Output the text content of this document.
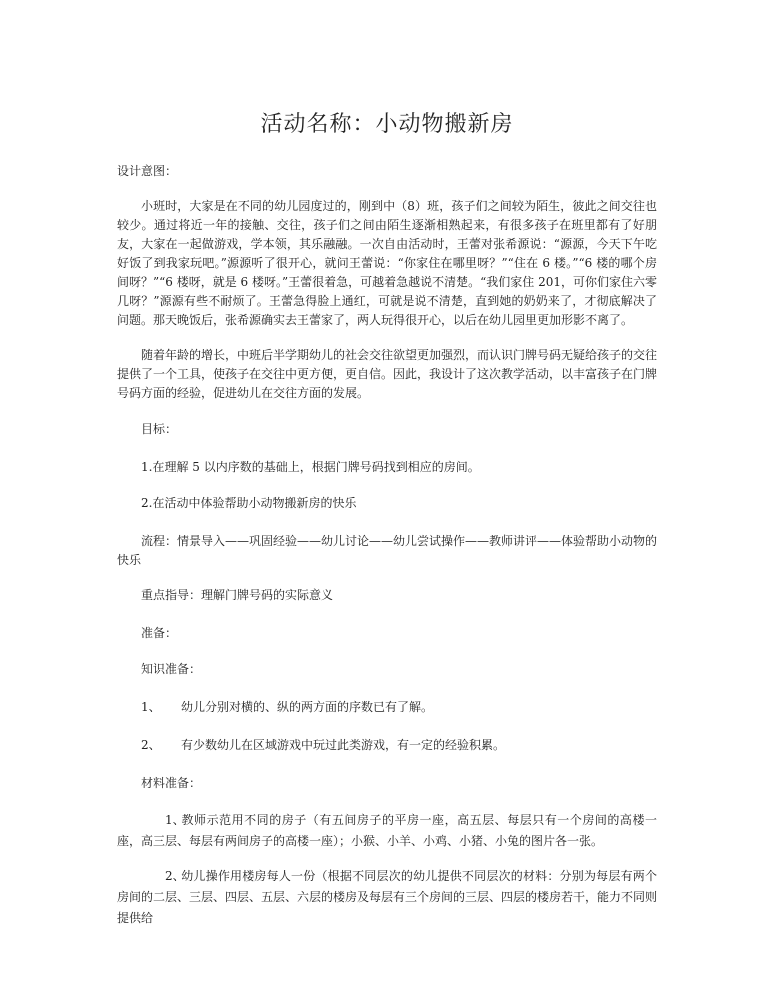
活动名称：小动物搬新房

设计意图：

小班时，大家是在不同的幼儿园度过的，刚到中（8）班，孩子们之间较为陌生，彼此之间交往也较少。通过将近一年的接触、交往，孩子们之间由陌生逐渐相熟起来，有很多孩子在班里都有了好朋友，大家在一起做游戏，学本领，其乐融融。一次自由活动时，王蕾对张希源说：“源源，今天下午吃好饭了到我家玩吧。”源源听了很开心，就问王蕾说：“你家住在哪里呀？”“住在 6 楼。”“6 楼的哪个房间呀？”“6 楼呀，就是 6 楼呀。”王蕾很着急，可越着急越说不清楚。“我们家住 201，可你们家住六零几呀？”源源有些不耐烦了。王蕾急得脸上通红，可就是说不清楚，直到她的奶奶来了，才彻底解决了问题。那天晚饭后，张希源确实去王蕾家了，两人玩得很开心，以后在幼儿园里更加形影不离了。

随着年龄的增长，中班后半学期幼儿的社会交往欲望更加强烈，而认识门牌号码无疑给孩子的交往提供了一个工具，使孩子在交往中更方便，更自信。因此，我设计了这次教学活动，以丰富孩子在门牌号码方面的经验，促进幼儿在交往方面的发展。

目标：

1.在理解 5 以内序数的基础上，根据门牌号码找到相应的房间。

2.在活动中体验帮助小动物搬新房的快乐

流程：情景导入——巩固经验——幼儿讨论——幼儿尝试操作——教师讲评——体验帮助小动物的快乐

重点指导：理解门牌号码的实际意义

准备：

知识准备：

1、 幼儿分别对横的、纵的两方面的序数已有了解。

2、 有少数幼儿在区域游戏中玩过此类游戏，有一定的经验积累。

材料准备：

1、教师示范用不同的房子（有五间房子的平房一座，高五层、每层只有一个房间的高楼一座，高三层、每层有两间房子的高楼一座）；小猴、小羊、小鸡、小猪、小兔的图片各一张。

2、幼儿操作用楼房每人一份（根据不同层次的幼儿提供不同层次的材料：分别为每层有两个房间的二层、三层、四层、五层、六层的楼房及每层有三个房间的三层、四层的楼房若干，能力不同则提供给
